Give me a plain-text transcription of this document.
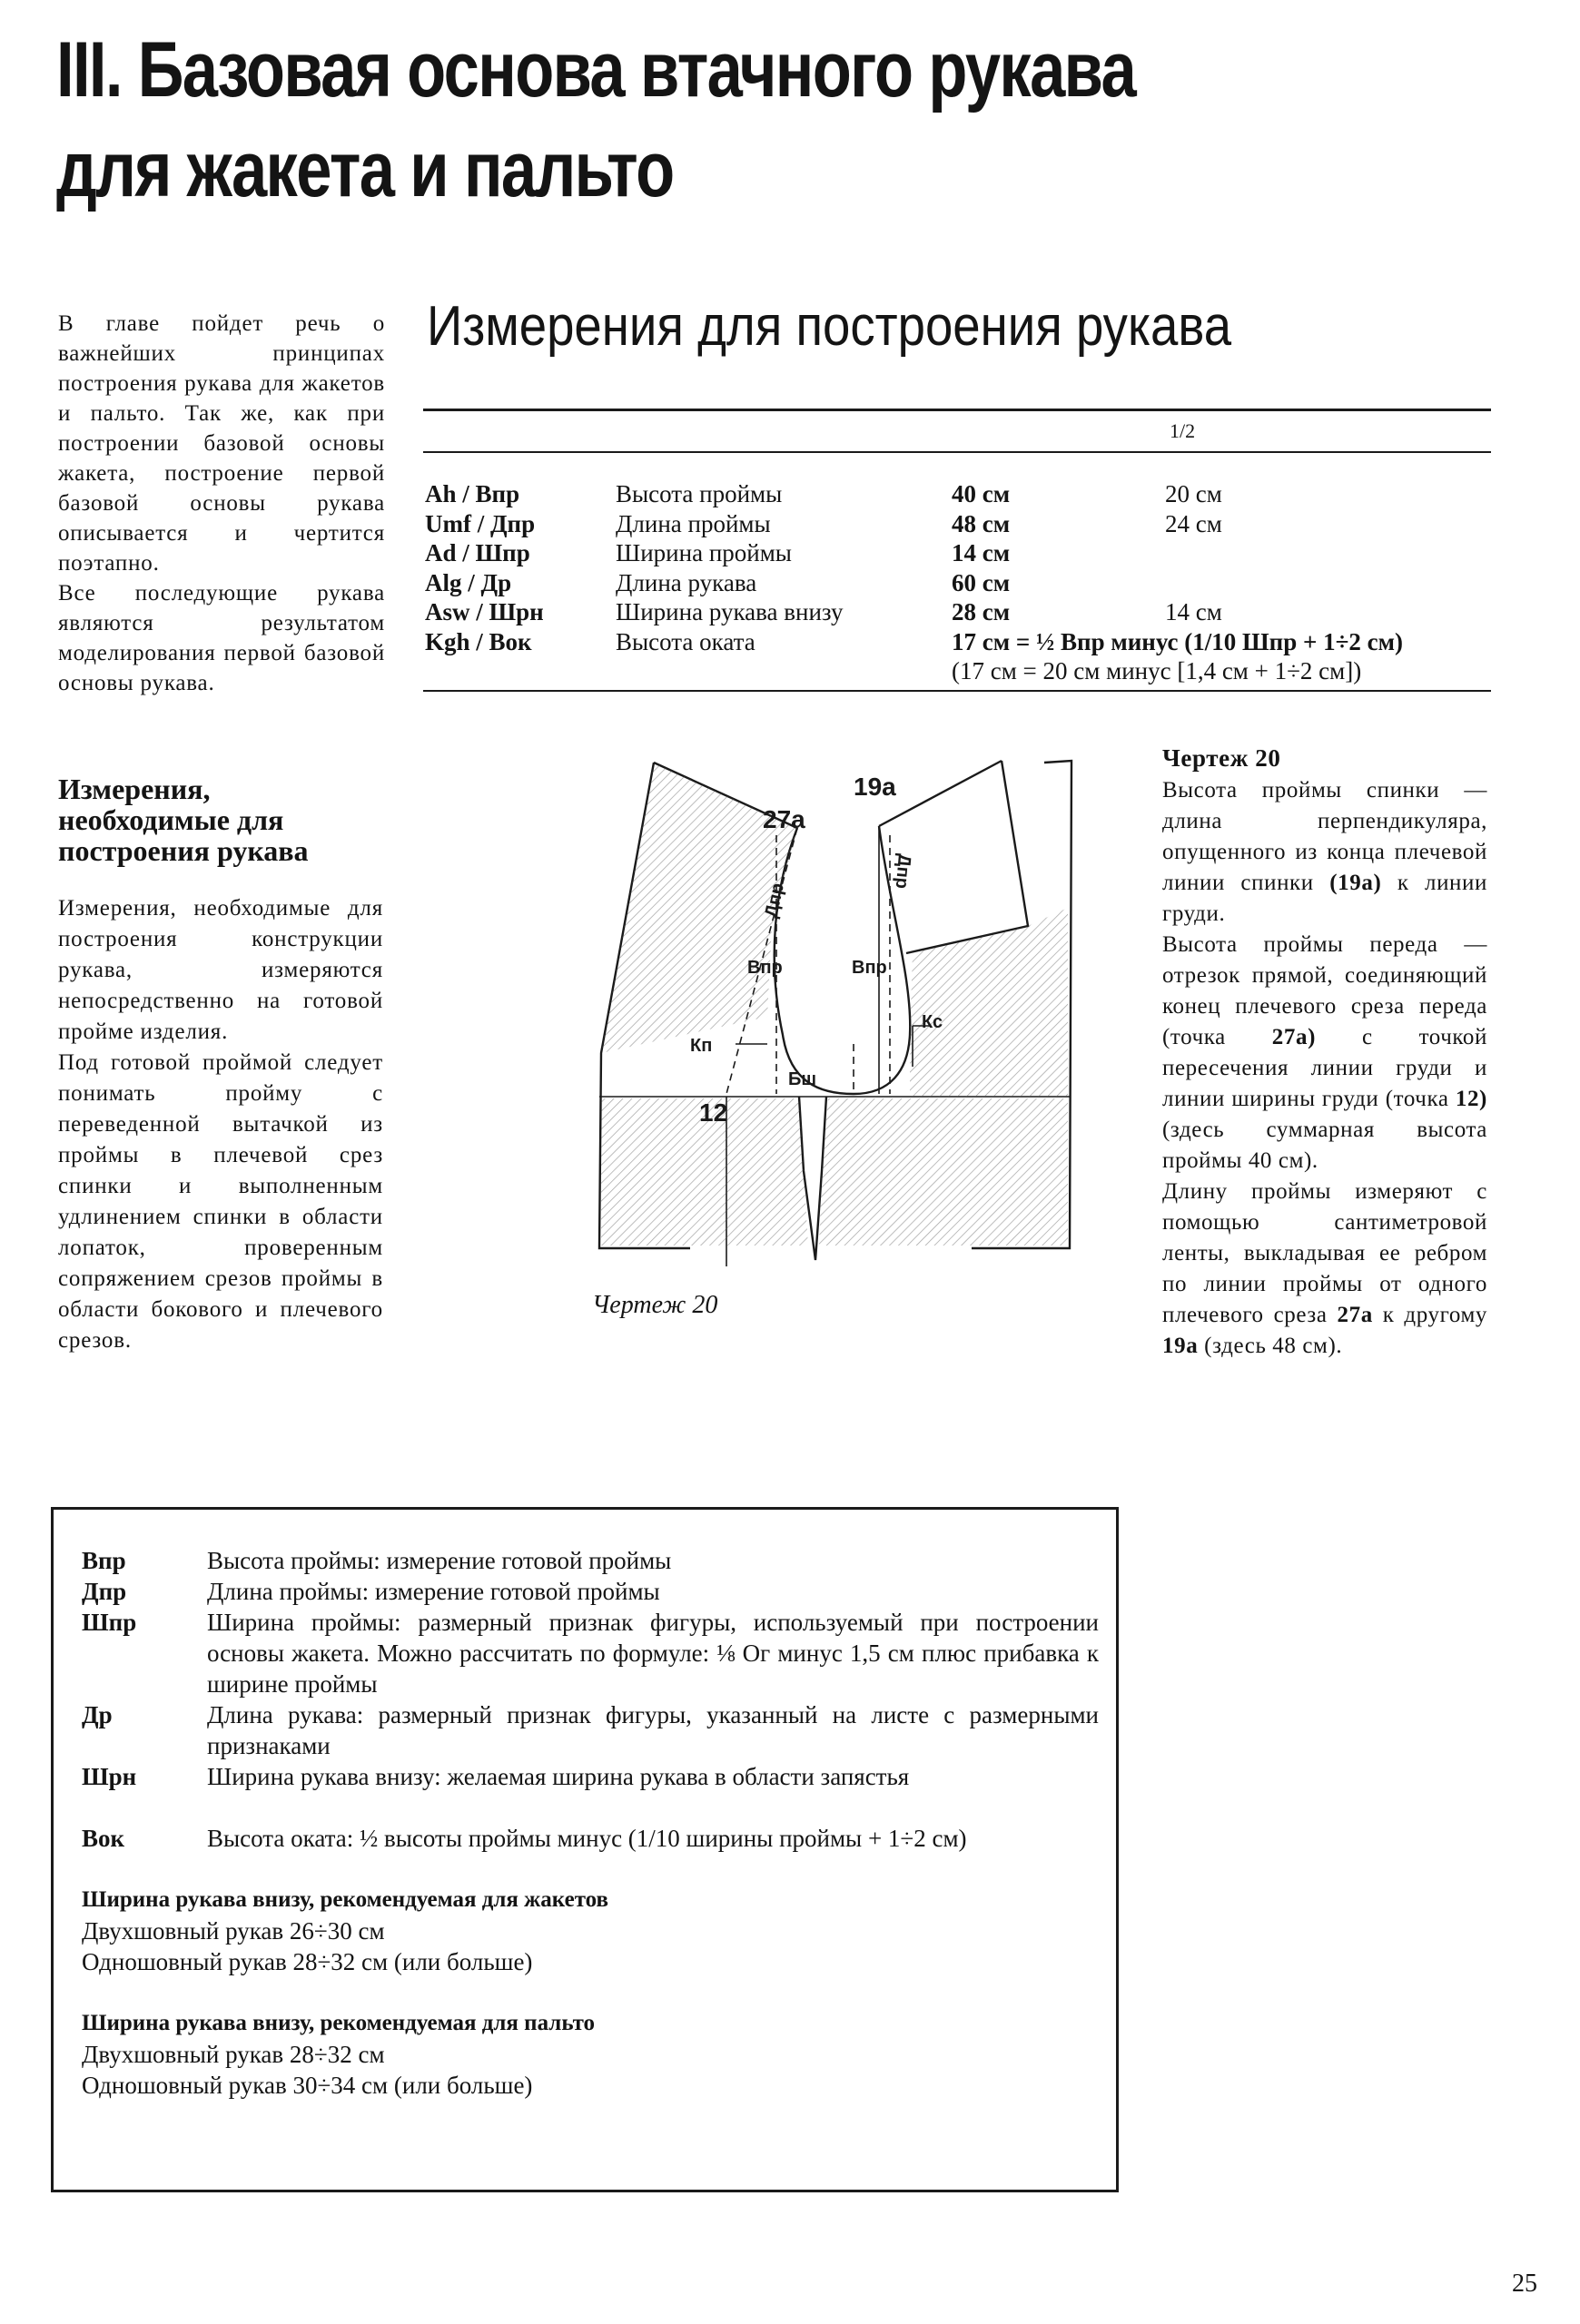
III. Базовая основа втачного рукава
для жакета и пальто

В главе пойдет речь о важнейших принципах построения рукава для жакетов и пальто. Так же, как при построении базовой основы жакета, построение первой базовой основы рукава описывается и чертится поэтапно.

Все последующие рукава являются результатом моделирования первой базовой основы рукава.

Измерения,
необходимые для
построения рукава

Измерения, необходимые для построения конструкции рукава, измеряются непосредственно на готовой пройме изделия.

Под готовой проймой следует понимать пройму с переведенной вытачкой из проймы в плечевой срез спинки и выполненным удлинением спинки в области лопаток, проверенным сопряжением срезов проймы в области бокового и плечевого срезов.

Измерения для построения рукава
1/2
Ah / Впр	Высота проймы	40 см	20 см
Umf / Дпр	Длина проймы	48 см	24 см
Ad / Шпр	Ширина проймы	14 см
Alg / Др	Длина рукава	60 см
Asw / Шрн	Ширина рукава внизу	28 см	14 см
Kgh / Вок	Высота оката	17 см = ½ Впр минус (1/10 Шпр + 1÷2 см)
(17 см = 20 см минус [1,4 см + 1÷2 см])
19а
27а
12
Дпр
Дпр
Впр	Впр
Кп
Кс
Бш
Чертеж 20

Чертеж 20

Высота проймы спинки — длина перпендикуляра, опущенного из конца плечевой линии спинки (19а) к линии груди.

Высота проймы переда — отрезок прямой, соединяющий конец плечевого среза переда (точка 27а) с точкой пересечения линии груди и линии ширины груди (точка 12) (здесь суммарная высота проймы 40 см).

Длину проймы измеряют с помощью сантиметровой ленты, выкладывая ее ребром по линии проймы от одного плечевого среза 27а к другому 19а (здесь 48 см).

Впр	Высота проймы: измерение готовой проймы
Дпр	Длина проймы: измерение готовой проймы
Шпр	Ширина проймы: размерный признак фигуры, используемый при построении основы жакета. Можно рассчитать по формуле: ⅛ Ог минус 1,5 см плюс прибавка к ширине проймы
Др	Длина рукава: размерный признак фигуры, указанный на листе с размерными признаками
Шрн	Ширина рукава внизу: желаемая ширина рукава в области запястья
Вок	Высота оката: ½ высоты проймы минус (1/10 ширины проймы + 1÷2 см)
Ширина рукава внизу, рекомендуемая для жакетов
Двухшовный рукав 26÷30 см
Одношовный рукав 28÷32 см (или больше)
Ширина рукава внизу, рекомендуемая для пальто
Двухшовный рукав 28÷32 см
Одношовный рукав 30÷34 см (или больше)
25
